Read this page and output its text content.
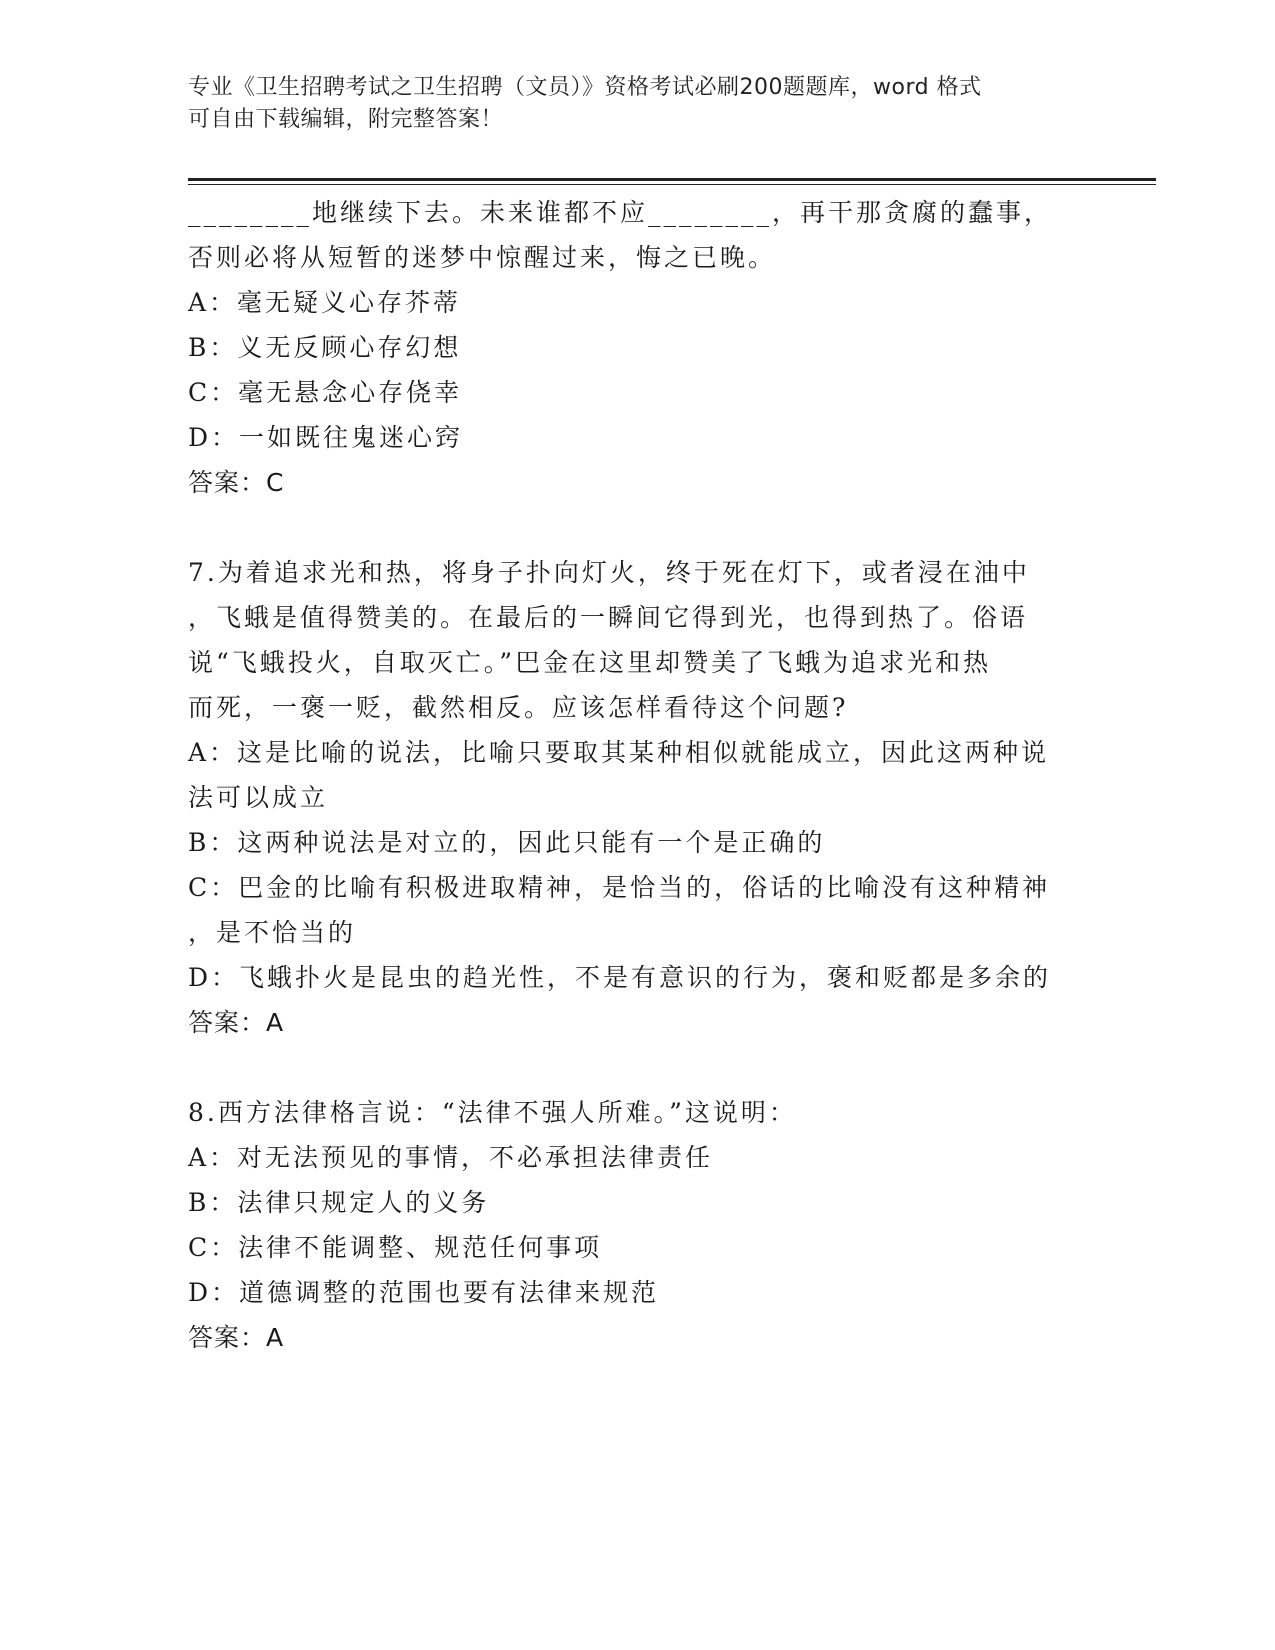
专业《卫生招聘考试之卫生招聘（文员）》资格考试必刷200题题库，word 格式
可自由下载编辑，附完整答案！
________地继续下去。未来谁都不应________，再干那贪腐的蠢事，
否则必将从短暂的迷梦中惊醒过来，悔之已晚。
A：毫无疑义心存芥蒂
B：义无反顾心存幻想
C：毫无悬念心存侥幸
D：一如既往鬼迷心窍
答案：C
7.为着追求光和热，将身子扑向灯火，终于死在灯下，或者浸在油中
，飞蛾是值得赞美的。在最后的一瞬间它得到光，也得到热了。俗语
说“飞蛾投火，自取灭亡。”巴金在这里却赞美了飞蛾为追求光和热
而死，一褒一贬，截然相反。应该怎样看待这个问题?
A：这是比喻的说法，比喻只要取其某种相似就能成立，因此这两种说
法可以成立
B：这两种说法是对立的，因此只能有一个是正确的
C：巴金的比喻有积极进取精神，是恰当的，俗话的比喻没有这种精神
，是不恰当的
D：飞蛾扑火是昆虫的趋光性，不是有意识的行为，褒和贬都是多余的
答案：A
8.西方法律格言说：“法律不强人所难。”这说明：
A：对无法预见的事情，不必承担法律责任
B：法律只规定人的义务
C：法律不能调整、规范任何事项
D：道德调整的范围也要有法律来规范
答案：A
